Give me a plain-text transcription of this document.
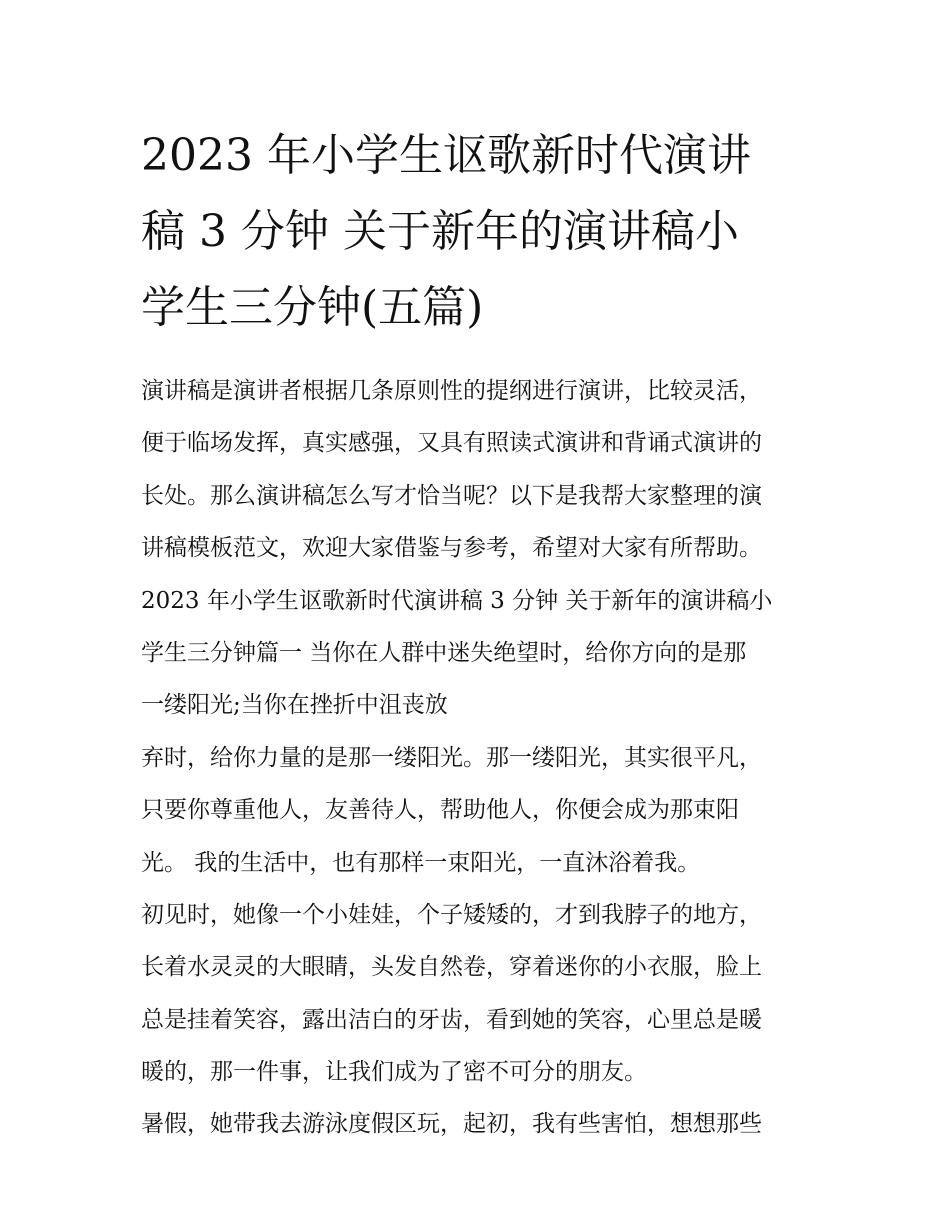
2023 年小学生讴歌新时代演讲

稿 3 分钟 关于新年的演讲稿小

学生三分钟(五篇)

演讲稿是演讲者根据几条原则性的提纲进行演讲，比较灵活，

便于临场发挥，真实感强，又具有照读式演讲和背诵式演讲的

长处。那么演讲稿怎么写才恰当呢？以下是我帮大家整理的演

讲稿模板范文，欢迎大家借鉴与参考，希望对大家有所帮助。

2023 年小学生讴歌新时代演讲稿 3 分钟 关于新年的演讲稿小

学生三分钟篇一 当你在人群中迷失绝望时，给你方向的是那

一缕阳光;当你在挫折中沮丧放

弃时，给你力量的是那一缕阳光。那一缕阳光，其实很平凡，

只要你尊重他人，友善待人，帮助他人，你便会成为那束阳

光。 我的生活中，也有那样一束阳光，一直沐浴着我。

初见时，她像一个小娃娃，个子矮矮的，才到我脖子的地方，

长着水灵灵的大眼睛，头发自然卷，穿着迷你的小衣服，脸上

总是挂着笑容，露出洁白的牙齿，看到她的笑容，心里总是暖

暖的，那一件事，让我们成为了密不可分的朋友。

暑假，她带我去游泳度假区玩，起初，我有些害怕，想想那些
